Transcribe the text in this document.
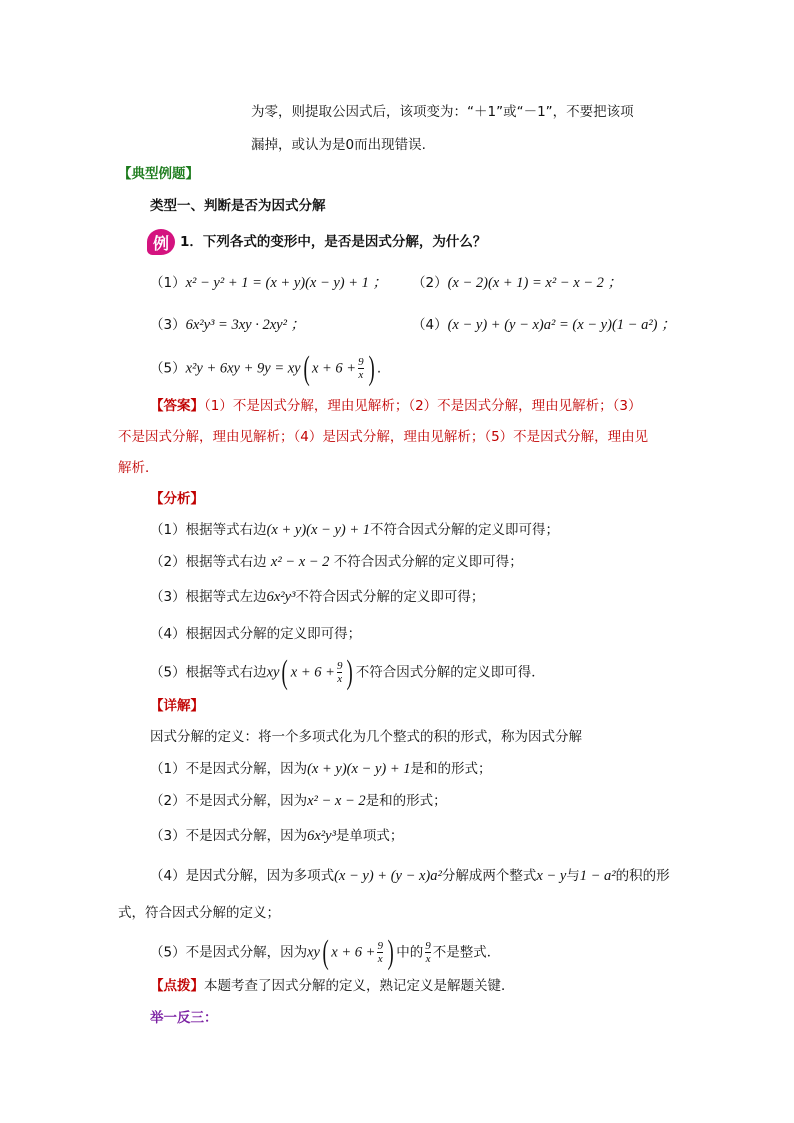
为零，则提取公因式后，该项变为：“＋1”或“－1”，不要把该项
漏掉，或认为是0而出现错误.
【典型例题】
类型一、判断是否为因式分解
例 1．下列各式的变形中，是否是因式分解，为什么？
（1）x² − y² + 1 = (x + y)(x − y) + 1 ； （2）(x − 2)(x + 1) = x² − x − 2 ；
（3）6x²y³ = 3xy · 2xy² ；	（4）(x − y) + (y − x)a² = (x − y)(1 − a²) ；
（5）x²y + 6xy + 9y = xy( $x + 6 + \frac{9}{x}$ ) .
【答案】（1）不是因式分解，理由见解析；（2）不是因式分解，理由见解析；（3）
不是因式分解，理由见解析；（4）是因式分解，理由见解析；（5）不是因式分解，理由见
解析．
【分析】
（1）根据等式右边(x + y)(x − y) + 1不符合因式分解的定义即可得；
（2）根据等式右边 x² − x − 2 不符合因式分解的定义即可得；
（3）根据等式左边6x²y³不符合因式分解的定义即可得；
（4）根据因式分解的定义即可得；
（5）根据等式右边xy( $x + 6 + \frac{9}{x}$ ) 不符合因式分解的定义即可得．
【详解】
因式分解的定义：将一个多项式化为几个整式的积的形式，称为因式分解
（1）不是因式分解，因为(x + y)(x − y) + 1是和的形式；
（2）不是因式分解，因为x² − x − 2是和的形式；
（3）不是因式分解，因为6x²y³是单项式；
（4）是因式分解，因为多项式(x − y) + (y − x)a²分解成两个整式x − y与1 − a²的积的形
式，符合因式分解的定义；
（5）不是因式分解，因为xy( $x + 6 + \frac{9}{x}$ ) 中的 $\frac{9}{x}$ 不是整式．
【点拨】本题考查了因式分解的定义，熟记定义是解题关键．
举一反三：
